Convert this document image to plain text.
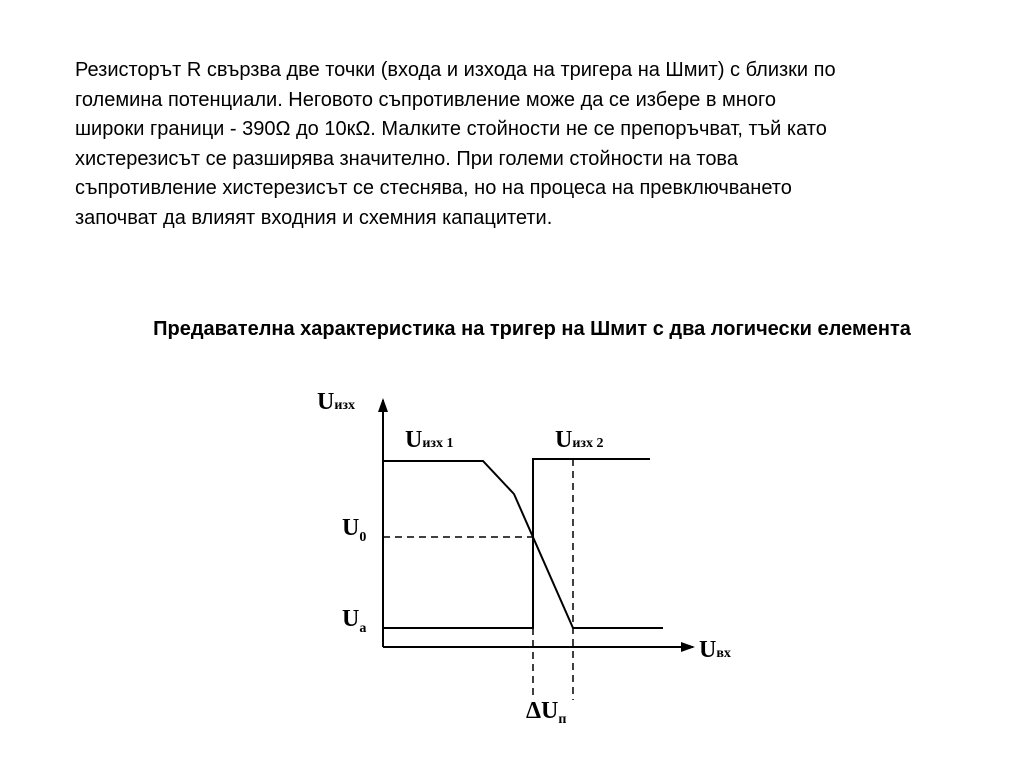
Резисторът R свързва две точки (входа и изхода на тригера на Шмит) с близки по
големина потенциали. Неговото съпротивление може да се избере в много
широки граници - 390Ω до 10кΩ. Малките стойности не се препоръчват, тъй като
хистерезисът се разширява значително. При големи стойности на това
съпротивление хистерезисът се стеснява, но на процеса на превключването
започват да влияят входния и схемния капацитети.
Предавателна характеристика на тригер на Шмит с два логически елемента
Uизх
Uизх 1	Uизх 2
U0
Ua
Uвх
ΔUп
